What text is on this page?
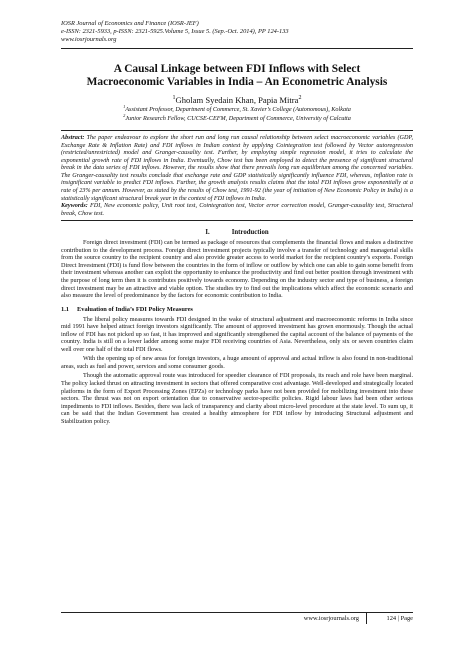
IOSR Journal of Economics and Finance (IOSR-JEF)
e-ISSN: 2321-5933, p-ISSN: 2321-5925.Volume 5, Issue 5. (Sep.-Oct. 2014), PP 124-133
www.iosrjournals.org
A Causal Linkage between FDI Inflows with Select
Macroeconomic Variables in India – An Econometric Analysis
$^1$Gholam Syedain Khan, Papia Mitra$^2$
$^1$Assistant Professor, Department of Commerce, St. Xavier’s College (Autonomous), Kolkata
$^2$Junior Research Fellow, CUCSE-CEFM, Department of Commerce, University of Calcutta
Abstract: The paper endeavour to explore the short run and long run causal relationship between select macroeconomic variables (GDP, Exchange Rate & Inflation Rate) and FDI inflows in Indian context by applying Cointegration test followed by Vector autoregression (restricted/unrestricted) model and Granger-causality test. Further, by employing simple regression model, it tries to calculate the exponential growth rate of FDI inflows in India. Eventually, Chow test has been employed to detect the presence of significant structural break in the data series of FDI inflows. However, the results show that there prevails long run equilibrium among the concerned variables. The Granger-causality test results conclude that exchange rate and GDP statistically significantly influence FDI, whereas, inflation rate is insignificant variable to predict FDI inflows. Further, the growth analysis results claims that the total FDI inflows grow exponentially at a rate of 23% per annum. However, as stated by the results of Chow test, 1991-92 (the year of initiation of New Economic Policy in India) is a statistically significant structural break year in the context of FDI inflows in India.
Keywords: FDI, New economic policy, Unit root test, Cointegration test, Vector error correction model, Granger-causality test, Structural break, Chow test.
I.	Introduction

Foreign direct investment (FDI) can be termed as package of resources that complements the financial flows and makes a distinctive contribution to the development process. Foreign direct investment projects typically involve a transfer of technology and managerial skills from the source country to the recipient country and also provide greater access to world market for the recipient country’s exports. Foreign Direct Investment (FDI) is fund flow between the countries in the form of inflow or outflow by which one can able to gain some benefit from their investment whereas another can exploit the opportunity to enhance the productivity and find out better position through investment with the purpose of long term then it is contributes positively towards economy. Depending on the industry sector and type of business, a foreign direct investment may be an attractive and viable option. The studies try to find out the implications which affect the economic scenario and also measure the level of predominance by the factors for economic contribution to India.

1.1 Evaluation of India’s FDI Policy Measures

The liberal policy measures towards FDI designed in the wake of structural adjustment and macroeconomic reforms in India since mid 1991 have helped attract foreign investors significantly. The amount of approved investment has grown enormously. Though the actual inflow of FDI has not picked up so fast, it has improved and significantly strengthened the capital account of the balance of payments of the country. India is still on a lower ladder among some major FDI receiving countries of Asia. Nevertheless, only six or seven countries claim well over one half of the total FDI flows.

With the opening up of new areas for foreign investors, a huge amount of approval and actual inflow is also found in non-traditional areas, such as fuel and power, services and some consumer goods.

Though the automatic approval route was introduced for speedier clearance of FDI proposals, its reach and role have been marginal. The policy lacked thrust on attracting investment in sectors that offered comparative cost advantage. Well-developed and strategically located platforms in the form of Export Processing Zones (EPZs) or technology parks have not been provided for mobilizing investment into these sectors. The thrust was not on export orientation due to conservative sector-specific policies. Rigid labour laws had been other serious impediments to FDI inflows. Besides, there was lack of transparency and clarity about micro-level procedure at the state level. To sum up, it can be said that the Indian Government has created a healthy atmosphere for FDI inflow by introducing Structural adjustment and Stabilization policy.

www.iosrjournals.org	124 | Page
